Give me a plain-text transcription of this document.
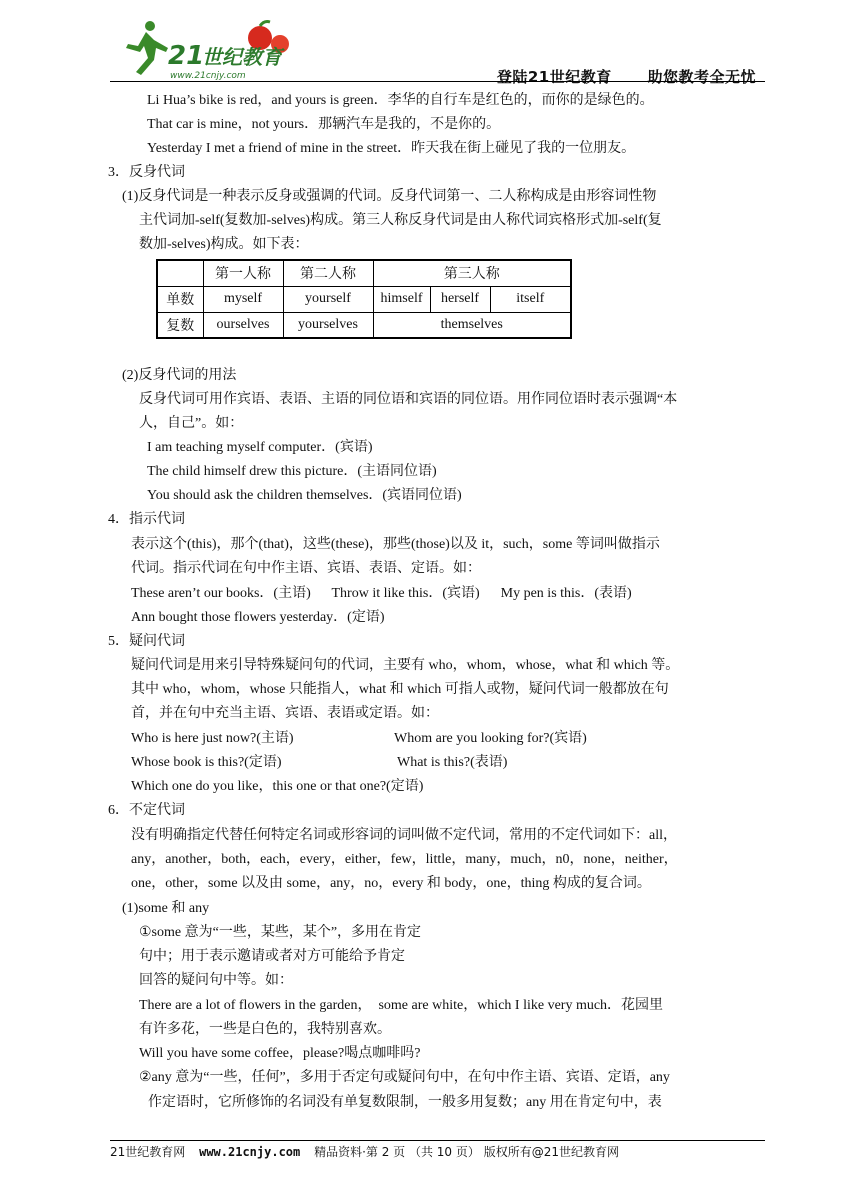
21
世纪教育
www.21cnjy.com	登陆21世纪教育 助您教考全无忧
Li Hua’s bike is red，and yours is green．李华的自行车是红色的，而你的是绿色的。
That car is mine，not yours．那辆汽车是我的，不是你的。
Yesterday I met a friend of mine in the street．昨天我在街上碰见了我的一位朋友。
3．反身代词
(1)反身代词是一种表示反身或强调的代词。反身代词第一、二人称构成是由形容词性物
主代词加-self(复数加-selves)构成。第三人称反身代词是由人称代词宾格形式加-self(复
数加-selves)构成。如下表：
	第一人称	第二人称	第三人称		
单数	myself	yourself	himself	herself	itself
复数	ourselves	yourselves	themselves		
(2)反身代词的用法
反身代词可用作宾语、表语、主语的同位语和宾语的同位语。用作同位语时表示强调“本
人，自己”。如：
I am teaching myself computer．(宾语)
The child himself drew this picture．(主语同位语)
You should ask the children themselves．(宾语同位语)
4．指示代词
表示这个(this)，那个(that)，这些(these)，那些(those)以及 it，such，some 等词叫做指示
代词。指示代词在句中作主语、宾语、表语、定语。如：
These aren’t our books．(主语)      Throw it like this．(宾语)      My pen is this．(表语)
Ann bought those flowers yesterday．(定语)
5．疑问代词
疑问代词是用来引导特殊疑问句的代词，主要有 who，whom，whose，what 和 which 等。
其中 who，whom，whose 只能指人，what 和 which 可指人或物，疑问代词一般都放在句
首，并在句中充当主语、宾语、表语或定语。如：
Who is here just now?(主语)	Whom are you looking for?(宾语)
Whose book is this?(定语)	What is this?(表语)
Which one do you like，this one or that one?(定语)
6．不定代词
没有明确指定代替任何特定名词或形容词的词叫做不定代词，常用的不定代词如下：all，
any，another，both，each，every，either，few，little，many，much，n0，none，neither，
one，other，some 以及由 some，any，no，every 和 body，one，thing 构成的复合词。
(1)some 和 any
①some 意为“一些，某些，某个”，多用在肯定
句中；用于表示邀请或者对方可能给予肯定
回答的疑问句中等。如：
There are a lot of flowers in the garden，  some are white，which I like very much．花园里
有许多花，一些是白色的，我特别喜欢。
Will you have some coffee，please?喝点咖啡吗?
②any 意为“一些，任何”，多用于否定句或疑问句中，在句中作主语、宾语、定语，any
作定语时，它所修饰的名词没有单复数限制，一般多用复数；any 用在肯定句中，表
21世纪教育网 www.21cnjy.com 精品资料·第 2 页 （共 10 页） 版权所有@21世纪教育网
